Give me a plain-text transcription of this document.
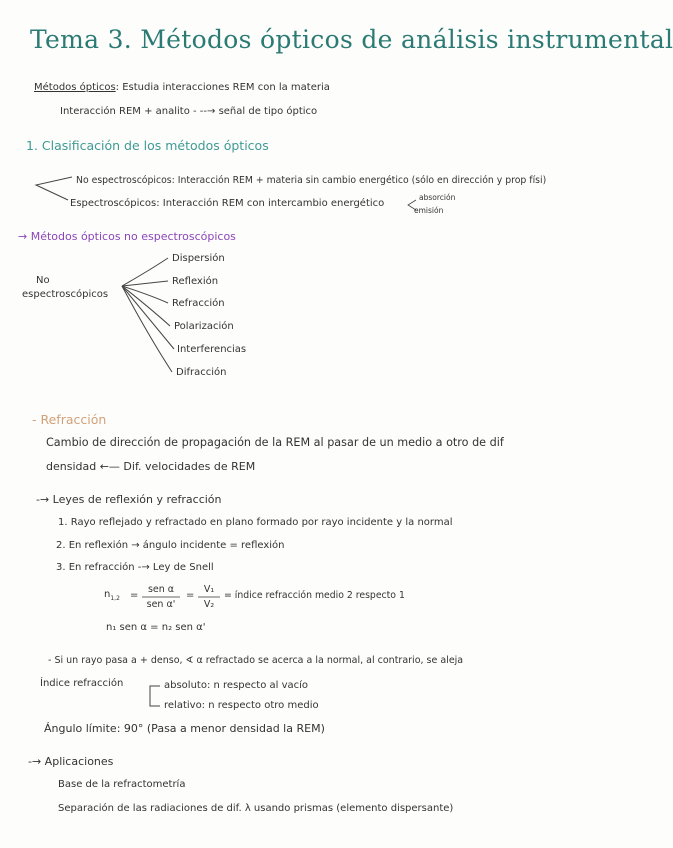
Tema 3. Métodos ópticos de análisis instrumental
Métodos ópticos: Estudia interacciones REM con la materia
Interacción REM + analito - --→ señal de tipo óptico
1. Clasificación de los métodos ópticos
No espectroscópicos: Interacción REM + materia sin cambio energético (sólo en dirección y prop físi)
Espectroscópicos: Interacción REM con intercambio energético
absorción
emisión
→ Métodos ópticos no espectroscópicos
No
espectroscópicos
Dispersión
Reflexión
Refracción
Polarización
Interferencias
Difracción
- Refracción
Cambio de dirección de propagación de la REM al pasar de un medio a otro de dif
densidad ←— Dif. velocidades de REM
-→ Leyes de reflexión y refracción
1. Rayo reflejado y refractado en plano formado por rayo incidente y la normal
2. En reflexión → ángulo incidente = reflexión
3. En refracción -→ Ley de Snell
$n_{1,2}$ =
sen α
sen α'
=
V₁
V₂
= índice refracción medio 2 respecto 1
n₁ sen α = n₂ sen α'
- Si un rayo pasa a + denso, ∢ α refractado se acerca a la normal, al contrario, se aleja
Índice refracción	absoluto: n respecto al vacío
relativo: n respecto otro medio
Ángulo límite: 90° (Pasa a menor densidad la REM)
-→ Aplicaciones
Base de la refractometría
Separación de las radiaciones de dif. λ usando prismas (elemento dispersante)
